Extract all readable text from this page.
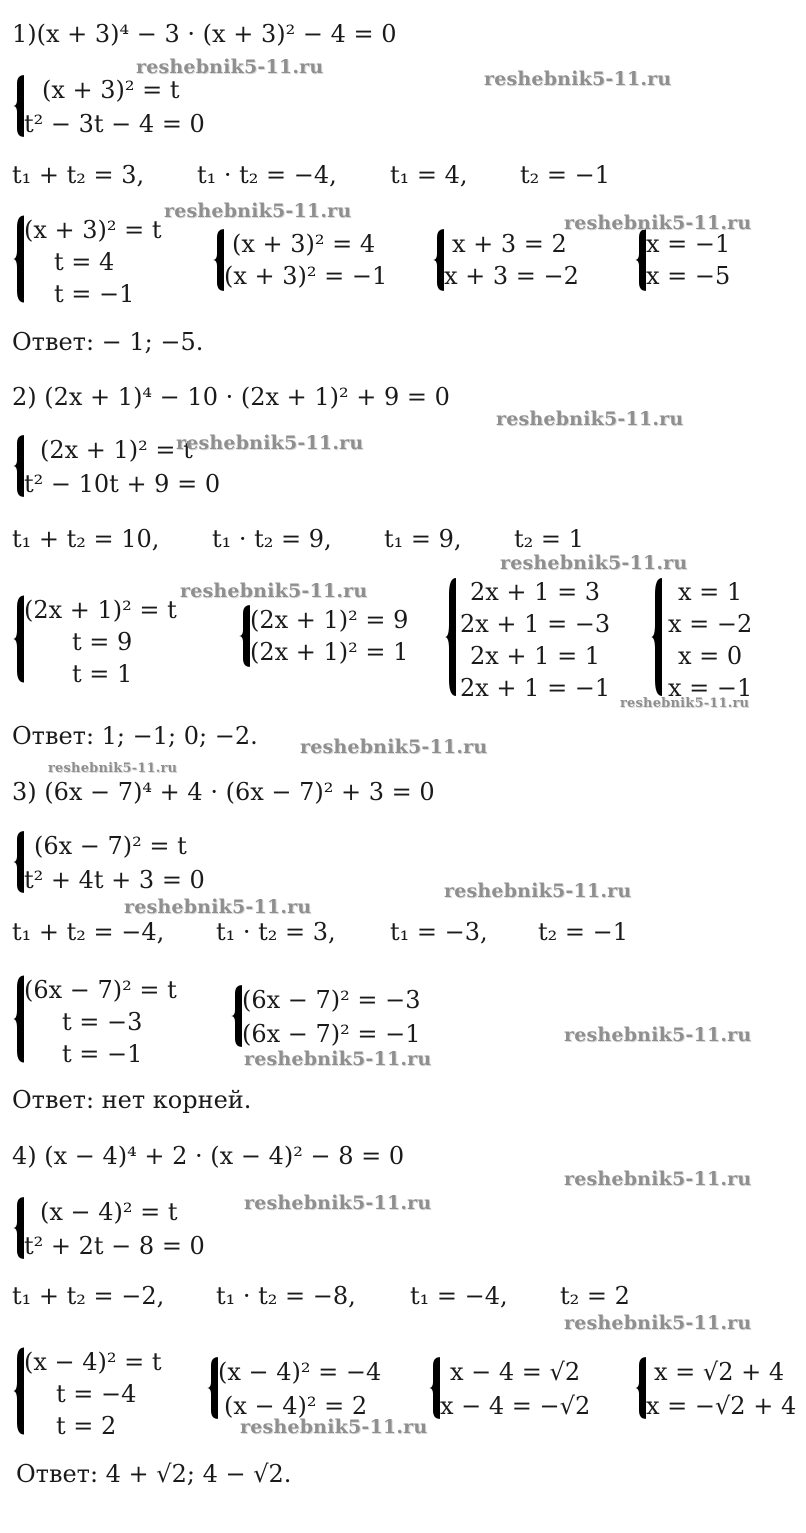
1)(x + 3)⁴ − 3 · (x + 3)² − 4 = 0
(x + 3)² = t
t² − 3t − 4 = 0
t₁ + t₂ = 3, t₁ · t₂ = −4, t₁ = 4, t₂ = −1
(x + 3)² = t
t = 4
t = −1
(x + 3)² = 4
(x + 3)² = −1
x + 3 = 2
x + 3 = −2
x = −1
x = −5
Ответ: − 1; −5.
2) (2x + 1)⁴ − 10 · (2x + 1)² + 9 = 0
(2x + 1)² = t
t² − 10t + 9 = 0
t₁ + t₂ = 10, t₁ · t₂ = 9, t₁ = 9, t₂ = 1
(2x + 1)² = t
t = 9
t = 1
(2x + 1)² = 9
(2x + 1)² = 1
2x + 1 = 3
2x + 1 = −3
2x + 1 = 1
2x + 1 = −1
x = 1
x = −2
x = 0
x = −1
Ответ: 1; −1; 0; −2.
3) (6x − 7)⁴ + 4 · (6x − 7)² + 3 = 0
(6x − 7)² = t
t² + 4t + 3 = 0
t₁ + t₂ = −4, t₁ · t₂ = 3, t₁ = −3, t₂ = −1
(6x − 7)² = t
t = −3
t = −1
(6x − 7)² = −3
(6x − 7)² = −1
Ответ: нет корней.
4) (x − 4)⁴ + 2 · (x − 4)² − 8 = 0
(x − 4)² = t
t² + 2t − 8 = 0
t₁ + t₂ = −2, t₁ · t₂ = −8, t₁ = −4, t₂ = 2
(x − 4)² = t
t = −4
t = 2
(x − 4)² = −4
(x − 4)² = 2
x − 4 = √2
x − 4 = −√2
x = √2 + 4
x = −√2 + 4
Ответ: 4 + √2; 4 − √2.
reshebnik5-11.ru
reshebnik5-11.ru
reshebnik5-11.ru
reshebnik5-11.ru
reshebnik5-11.ru
reshebnik5-11.ru
reshebnik5-11.ru
reshebnik5-11.ru
reshebnik5-11.ru
reshebnik5-11.ru
reshebnik5-11.ru
reshebnik5-11.ru
reshebnik5-11.ru
reshebnik5-11.ru
reshebnik5-11.ru
reshebnik5-11.ru
reshebnik5-11.ru
reshebnik5-11.ru
reshebnik5-11.ru
